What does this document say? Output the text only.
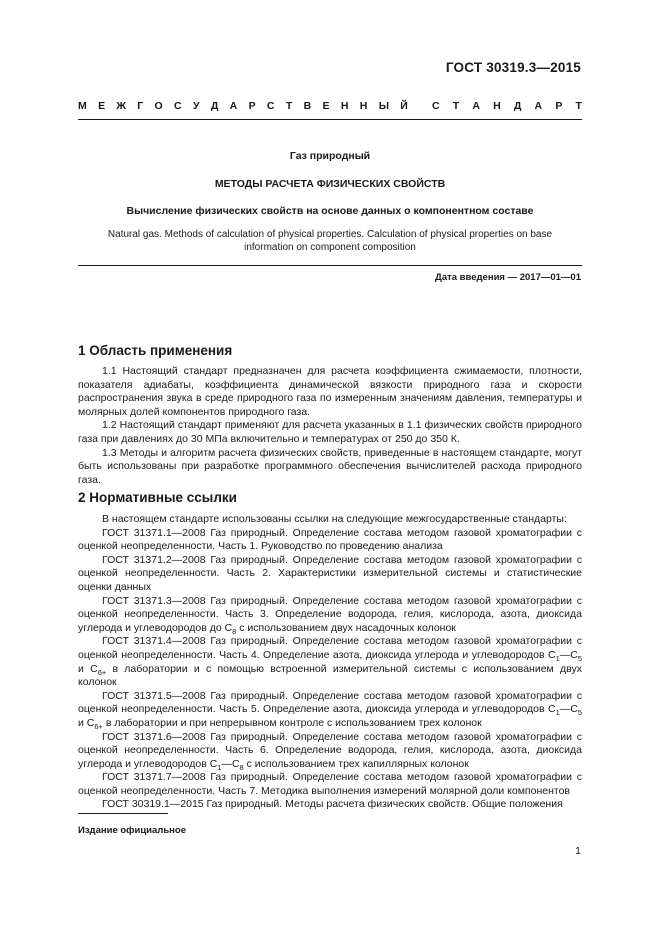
ГОСТ 30319.3—2015
М Е Ж Г О С У Д А Р С Т В Е Н Н Ы Й С Т А Н Д А Р Т
Газ природный
МЕТОДЫ РАСЧЕТА ФИЗИЧЕСКИХ СВОЙСТВ
Вычисление физических свойств на основе данных о компонентном составе
Natural gas. Methods of calculation of physical properties. Calculation of physical properties on base information on component composition
Дата введения — 2017—01—01
1 Область применения

1.1 Настоящий стандарт предназначен для расчета коэффициента сжимаемости, плотности, показателя адиабаты, коэффициента динамической вязкости природного газа и скорости распространения звука в среде природного газа по измеренным значениям давления, температуры и молярных долей компонентов природного газа.

1.2 Настоящий стандарт применяют для расчета указанных в 1.1 физических свойств природного газа при давлениях до 30 МПа включительно и температурах от 250 до 350 К.

1.3 Методы и алгоритм расчета физических свойств, приведенные в настоящем стандарте, могут быть использованы при разработке программного обеспечения вычислителей расхода природного газа.

2 Нормативные ссылки

В настоящем стандарте использованы ссылки на следующие межгосударственные стандарты:

ГОСТ 31371.1—2008 Газ природный. Определение состава методом газовой хроматографии с оценкой неопределенности. Часть 1. Руководство по проведению анализа

ГОСТ 31371.2—2008 Газ природный. Определение состава методом газовой хроматографии с оценкой неопределенности. Часть 2. Характеристики измерительной системы и статистические оценки данных

ГОСТ 31371.3—2008 Газ природный. Определение состава методом газовой хроматографии с оценкой неопределенности. Часть 3. Определение водорода, гелия, кислорода, азота, диоксида углерода и углеводородов до $С_8$ с использованием двух насадочных колонок

ГОСТ 31371.4—2008 Газ природный. Определение состава методом газовой хроматографии с оценкой неопределенности. Часть 4. Определение азота, диоксида углерода и углеводородов $С_1—С_5$ и $С_{6+}$ в лаборатории и с помощью встроенной измерительной системы с использованием двух колонок

ГОСТ 31371.5—2008 Газ природный. Определение состава методом газовой хроматографии с оценкой неопределенности. Часть 5. Определение азота, диоксида углерода и углеводородов $С_1—С_5$ и $С_{6+}$ в лаборатории и при непрерывном контроле с использованием трех колонок

ГОСТ 31371.6—2008 Газ природный. Определение состава методом газовой хроматографии с оценкой неопределенности. Часть 6. Определение водорода, гелия, кислорода, азота, диоксида углерода и углеводородов $С_1—С_8$ с использованием трех капиллярных колонок

ГОСТ 31371.7—2008 Газ природный. Определение состава методом газовой хроматографии с оценкой неопределенности. Часть 7. Методика выполнения измерений молярной доли компонентов

ГОСТ 30319.1—2015 Газ природный. Методы расчета физических свойств. Общие положения

Издание официальное
1
